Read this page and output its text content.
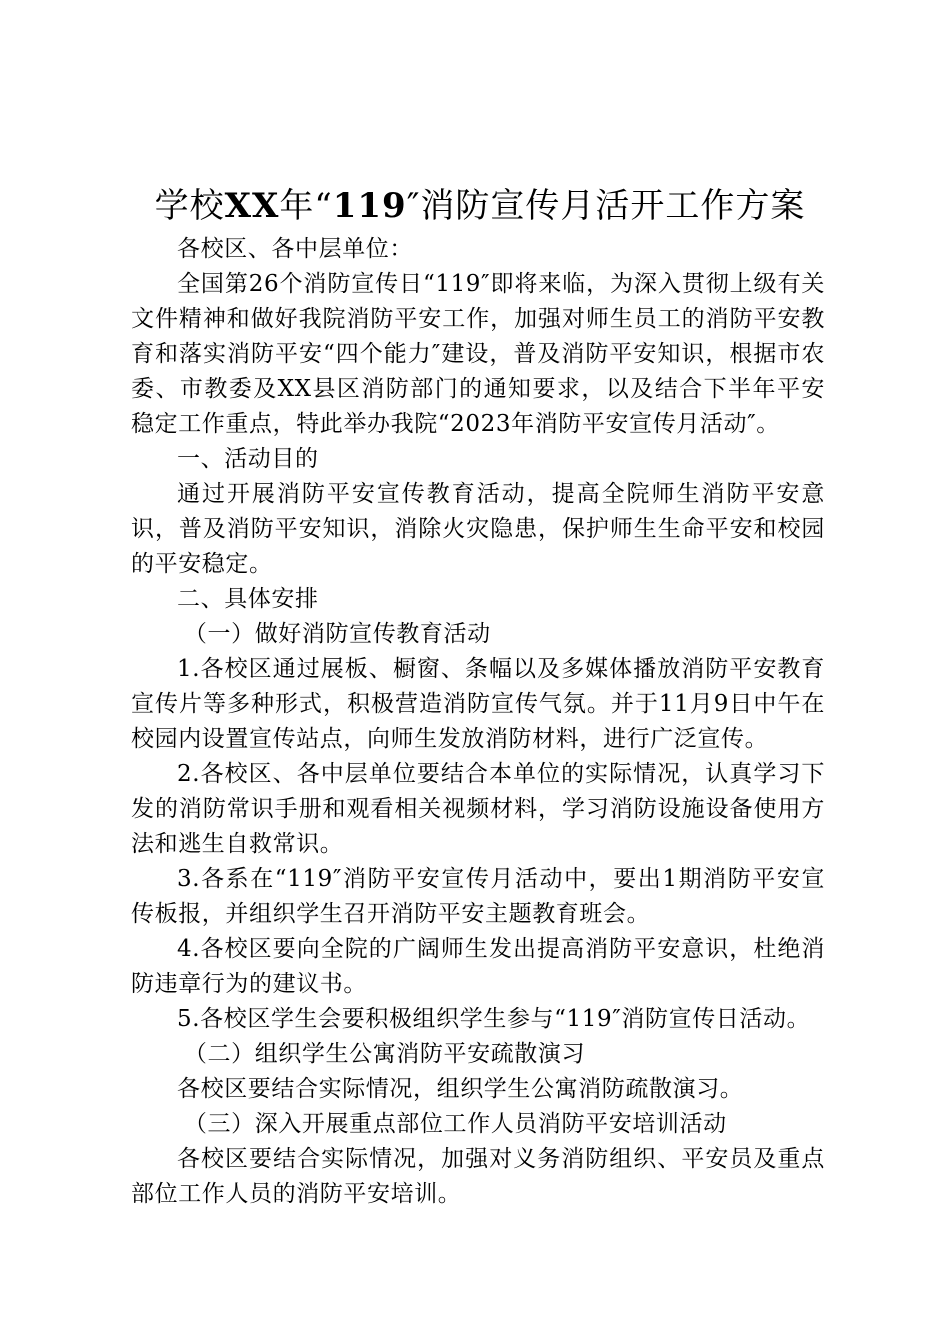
学校XX年“119″消防宣传月活开工作方案

各校区、各中层单位：

全国第26个消防宣传日“119″即将来临，为深入贯彻上级有关文件精神和做好我院消防平安工作，加强对师生员工的消防平安教育和落实消防平安“四个能力″建设，普及消防平安知识，根据市农委、市教委及XX县区消防部门的通知要求，以及结合下半年平安稳定工作重点，特此举办我院“2023年消防平安宣传月活动″。

一、活动目的

通过开展消防平安宣传教育活动，提高全院师生消防平安意识，普及消防平安知识，消除火灾隐患，保护师生生命平安和校园的平安稳定。

二、具体安排

（一）做好消防宣传教育活动

1.各校区通过展板、橱窗、条幅以及多媒体播放消防平安教育宣传片等多种形式，积极营造消防宣传气氛。并于11月9日中午在校园内设置宣传站点，向师生发放消防材料，进行广泛宣传。

2.各校区、各中层单位要结合本单位的实际情况，认真学习下发的消防常识手册和观看相关视频材料，学习消防设施设备使用方法和逃生自救常识。

3.各系在“119″消防平安宣传月活动中，要出1期消防平安宣传板报，并组织学生召开消防平安主题教育班会。

4.各校区要向全院的广阔师生发出提高消防平安意识，杜绝消防违章行为的建议书。

5.各校区学生会要积极组织学生参与“119″消防宣传日活动。

（二）组织学生公寓消防平安疏散演习

各校区要结合实际情况，组织学生公寓消防疏散演习。

（三）深入开展重点部位工作人员消防平安培训活动

各校区要结合实际情况，加强对义务消防组织、平安员及重点部位工作人员的消防平安培训。
